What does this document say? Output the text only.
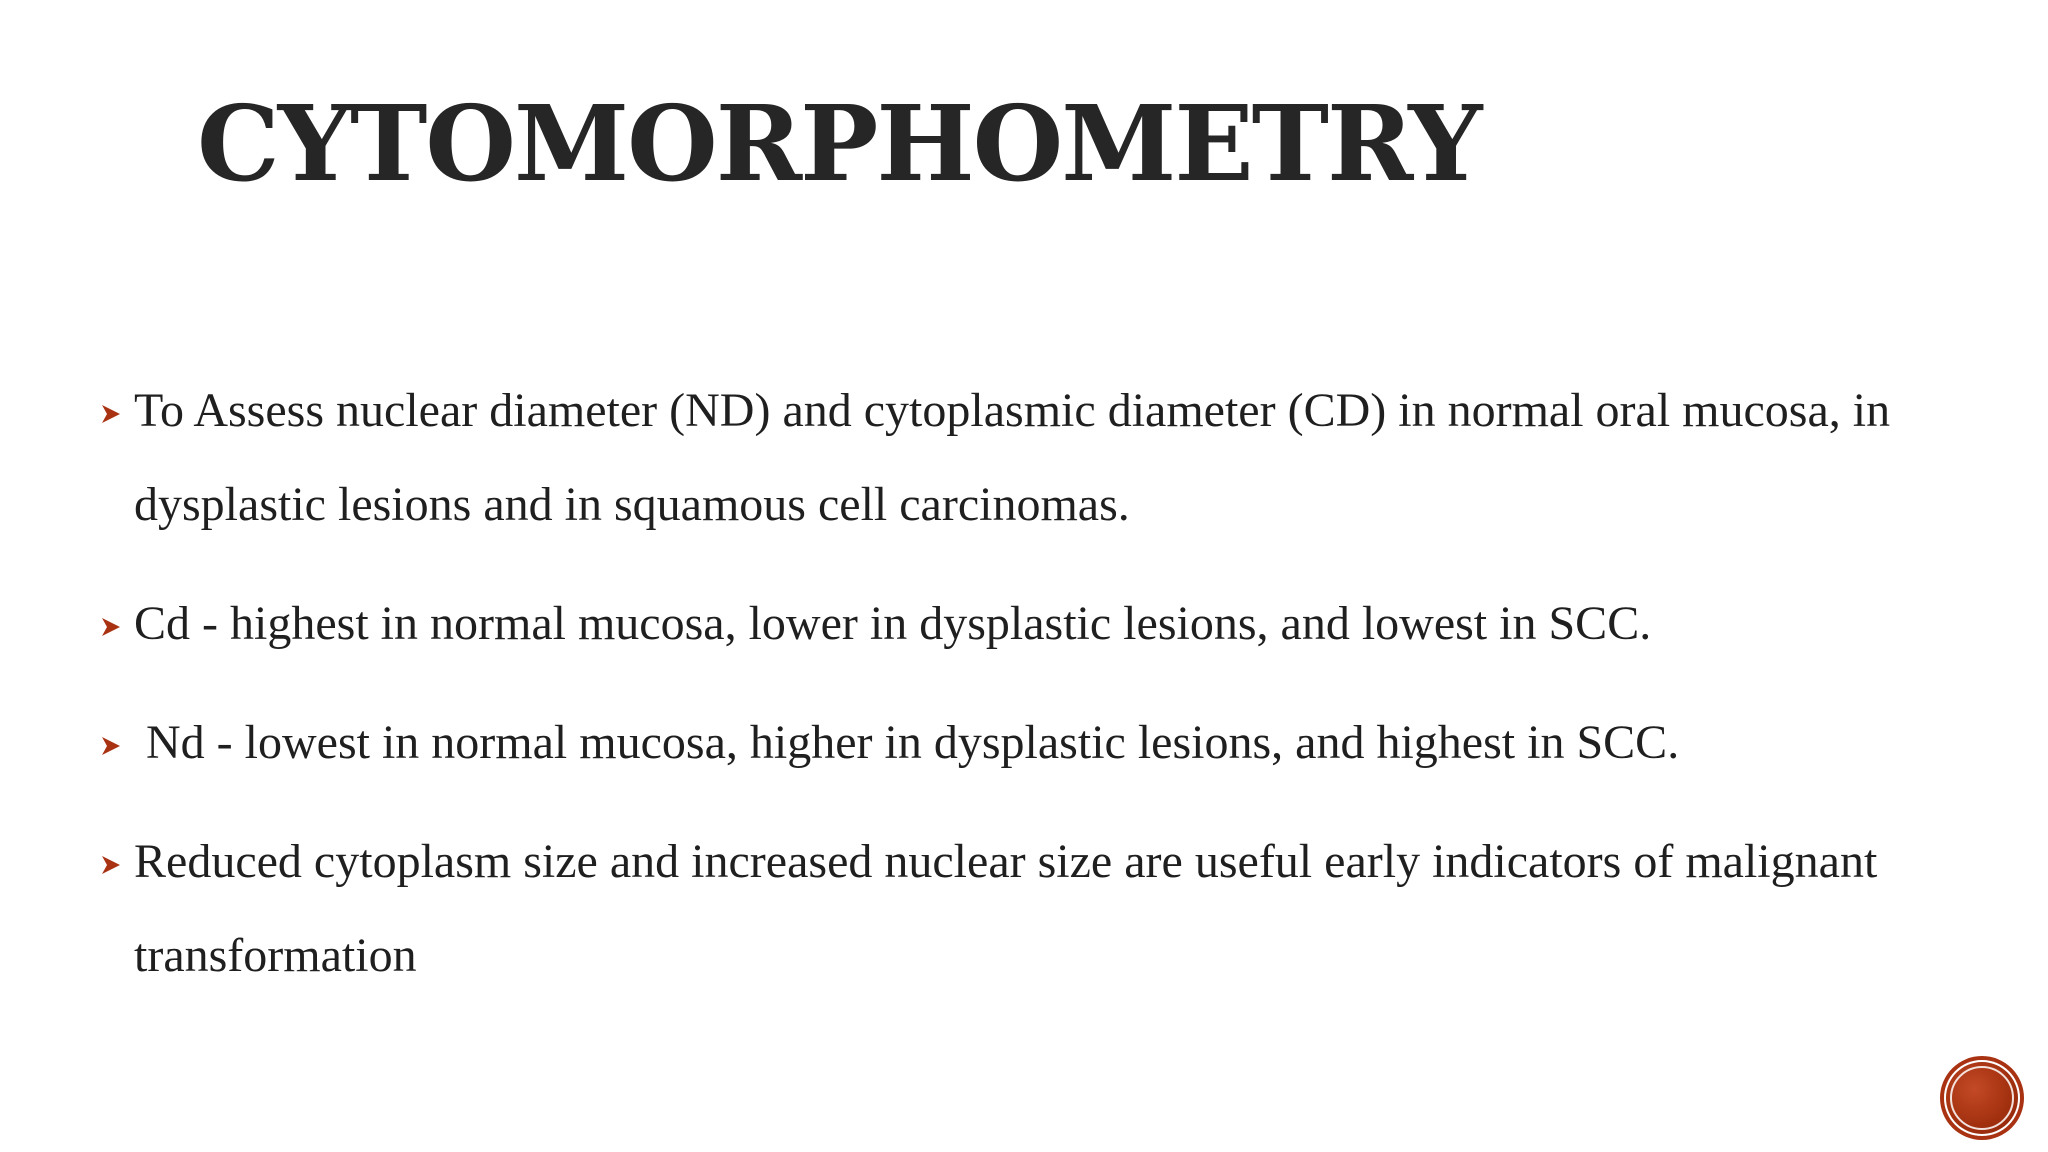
CYTOMORPHOMETRY
To Assess nuclear diameter (ND) and cytoplasmic diameter (CD) in normal oral mucosa, in dysplastic lesions and in squamous cell carcinomas.
Cd - highest in normal mucosa, lower in dysplastic lesions, and lowest in SCC.
Nd - lowest in normal mucosa, higher in dysplastic lesions, and highest in SCC.
Reduced cytoplasm size and increased nuclear size are useful early indicators of malignant transformation
